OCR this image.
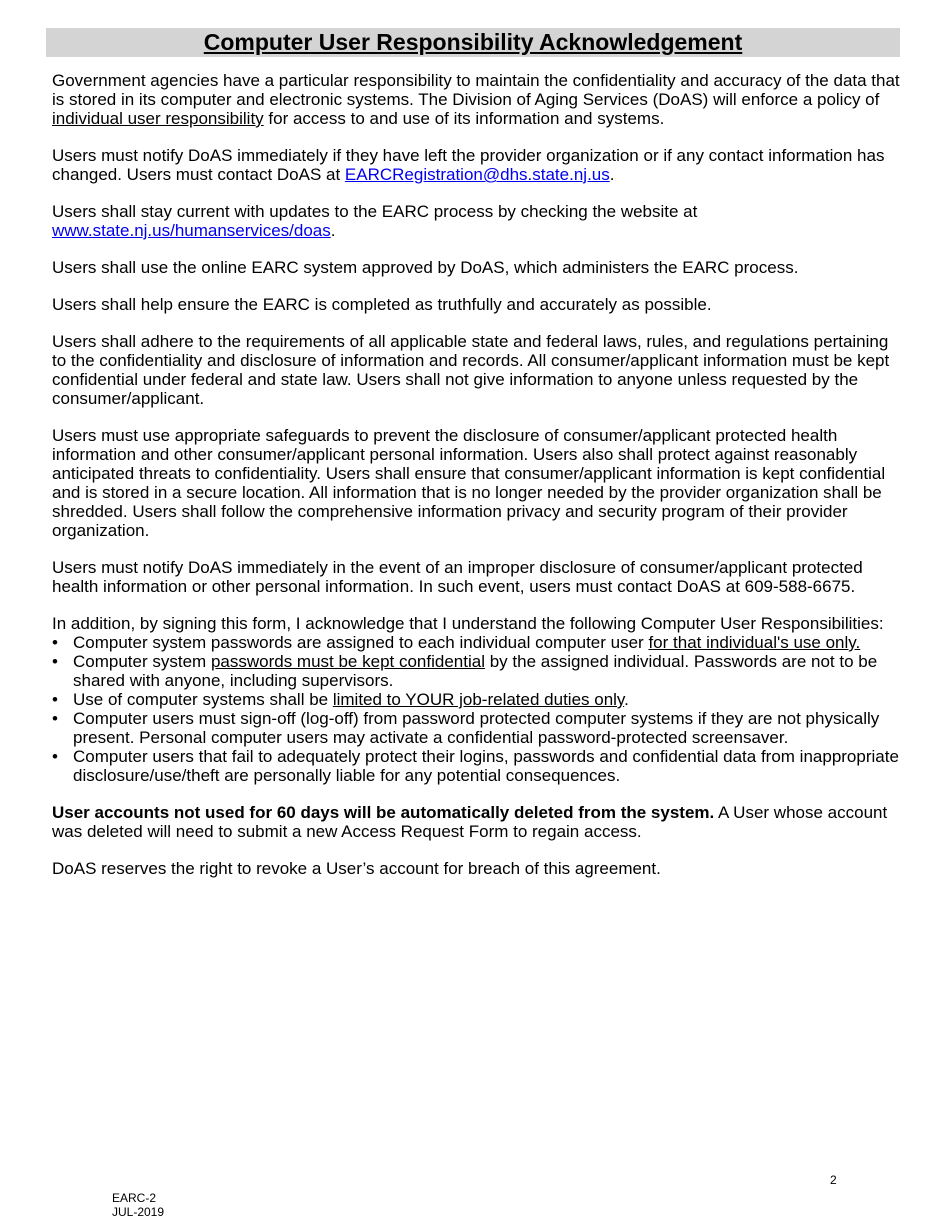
Computer User Responsibility Acknowledgement

Government agencies have a particular responsibility to maintain the confidentiality and accuracy of the data that is stored in its computer and electronic systems. The Division of Aging Services (DoAS) will enforce a policy of individual user responsibility for access to and use of its information and systems.

Users must notify DoAS immediately if they have left the provider organization or if any contact information has changed. Users must contact DoAS at EARCRegistration@dhs.state.nj.us.

Users shall stay current with updates to the EARC process by checking the website at www.state.nj.us/humanservices/doas.

Users shall use the online EARC system approved by DoAS, which administers the EARC process.

Users shall help ensure the EARC is completed as truthfully and accurately as possible.

Users shall adhere to the requirements of all applicable state and federal laws, rules, and regulations pertaining to the confidentiality and disclosure of information and records. All consumer/applicant information must be kept confidential under federal and state law. Users shall not give information to anyone unless requested by the consumer/applicant.

Users must use appropriate safeguards to prevent the disclosure of consumer/applicant protected health information and other consumer/applicant personal information. Users also shall protect against reasonably anticipated threats to confidentiality. Users shall ensure that consumer/applicant information is kept confidential and is stored in a secure location. All information that is no longer needed by the provider organization shall be shredded. Users shall follow the comprehensive information privacy and security program of their provider organization.

Users must notify DoAS immediately in the event of an improper disclosure of consumer/applicant protected health information or other personal information. In such event, users must contact DoAS at 609-588-6675.

In addition, by signing this form, I acknowledge that I understand the following Computer User Responsibilities:

• Computer system passwords are assigned to each individual computer user for that individual's use only.
• Computer system passwords must be kept confidential by the assigned individual. Passwords are not to be shared with anyone, including supervisors.
• Use of computer systems shall be limited to YOUR job-related duties only.
• Computer users must sign-off (log-off) from password protected computer systems if they are not physically present. Personal computer users may activate a confidential password-protected screensaver.
• Computer users that fail to adequately protect their logins, passwords and confidential data from inappropriate disclosure/use/theft are personally liable for any potential consequences.

User accounts not used for 60 days will be automatically deleted from the system. A User whose account was deleted will need to submit a new Access Request Form to regain access.

DoAS reserves the right to revoke a User’s account for breach of this agreement.

2
EARC-2
JUL-2019
